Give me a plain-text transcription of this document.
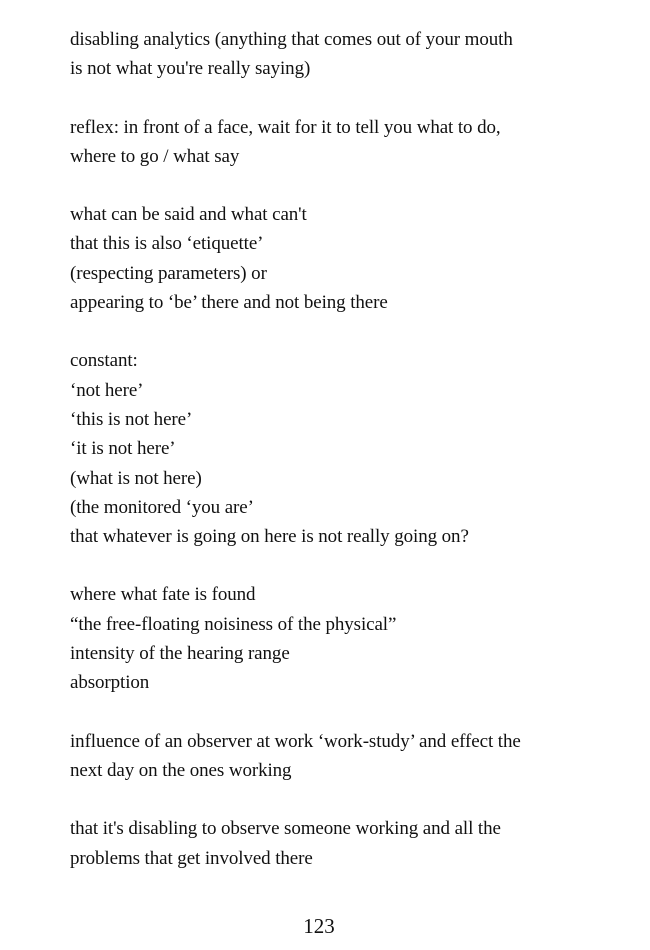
disabling analytics (anything that comes out of your mouth
is not what you're really saying)
reflex: in front of a face, wait for it to tell you what to do,
where to go / what say
what can be said and what can't
that this is also ‘etiquette’
(respecting parameters) or
appearing to ‘be’ there and not being there
constant:
‘not here’
‘this is not here’
‘it is not here’
(what is not here)
(the monitored ‘you are’
that whatever is going on here is not really going on?
where what fate is found
“the free-floating noisiness of the physical”
intensity of the hearing range
absorption
influence of an observer at work ‘work-study’ and effect the
next day on the ones working
that it's disabling to observe someone working and all the
problems that get involved there
123
